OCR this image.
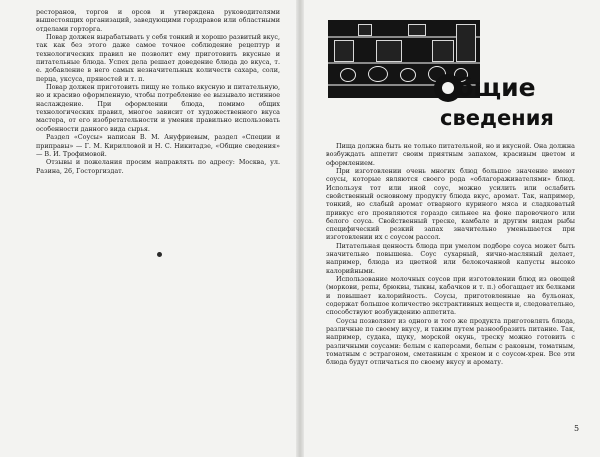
ресторанов, торгов и орсов и утверждена руководителями вышестоящих организаций, заведующими горздравов или областными отделами горторга.

Повар должен вырабатывать у себя тонкий и хорошо развитый вкус, так как без этого даже самое точное соблюдение рецептур и технологических правил не позволит ему приготовить вкусные и питательные блюда. Успех дела решает доведение блюда до вкуса, т. е. добавление в него самых незначительных количеств сахара, соли, перца, уксуса, пряностей и т. п.

Повар должен приготовить пищу не только вкусную и питательную, но и красиво оформленную, чтобы потребление ее вызывало истинное наслаждение. При оформлении блюда, помимо общих технологических правил, многое зависит от художественного вкуса мастера, от его изобретательности и умения правильно использовать особенности данного вида сырья.

Раздел «Соусы» написан В. М. Ануфриевым, раздел «Специи и приправы» — Г. М. Кирилловой и Н. С. Никитадзе, «Общие сведения» — В. И. Трофимовой.

Отзывы и пожелания просим направлять по адресу: Москва, ул. Разина, 26, Госторгиздат.

бщие
сведения

Пища должна быть не только питательной, но и вкусной. Она должна возбуждать аппетит своим приятным запахом, красивым цветом и оформлением.

При изготовлении очень многих блюд большое значение имеют соусы, которые являются своего рода «облагораживателями» блюд. Используя тот или иной соус, можно усилить или ослабить свойственный основному продукту блюда вкус, аромат. Так, например, тонкий, но слабый аромат отварного куриного мяса и сладковатый привкус его проявляются гораздо сильнее на фоне паровочного или белого соуса. Свойственный треске, камбале и другим видам рыбы специфический резкий запах значительно уменьшается при изготовлении их с соусом рассол.

Питательная ценность блюда при умелом подборе соуса может быть значительно повышена. Соус сухарный, яично-масляный делает, например, блюда из цветной или белокочанной капусты высоко калорийными.

Использование молочных соусов при изготовлении блюд из овощей (моркови, репы, брюквы, тыквы, кабачков и т. п.) обогащает их белками и повышает калорийность. Соусы, приготовленные на бульонах, содержат большое количество экстрактивных веществ и, следовательно, способствуют возбуждению аппетита.

Соусы позволяют из одного и того же продукта приготовлять блюда, различные по своему вкусу, и таким путем разнообразить питание. Так, например, судака, щуку, морской окунь, треску можно готовить с различными соусами: белым с каперсами, белым с раковым, томатным, томатным с эстрагоном, сметанным с хреном и с соусом-хрен. Все эти блюда будут отличаться по своему вкусу и аромату.

5
